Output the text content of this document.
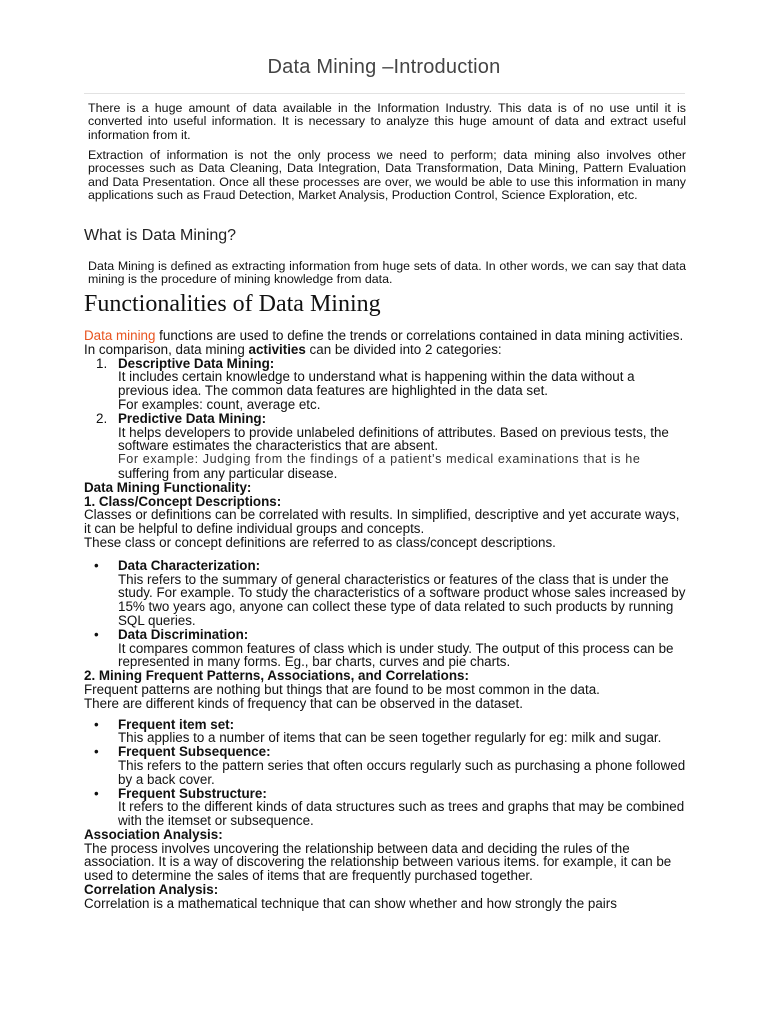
Data Mining –Introduction
There is a huge amount of data available in the Information Industry. This data is of no use until it is converted into useful information. It is necessary to analyze this huge amount of data and extract useful information from it.
Extraction of information is not the only process we need to perform; data mining also involves other processes such as Data Cleaning, Data Integration, Data Transformation, Data Mining, Pattern Evaluation and Data Presentation. Once all these processes are over, we would be able to use this information in many applications such as Fraud Detection, Market Analysis, Production Control, Science Exploration, etc.
What is Data Mining?
Data Mining is defined as extracting information from huge sets of data. In other words, we can say that data mining is the procedure of mining knowledge from data.
Functionalities of Data Mining

Data mining functions are used to define the trends or correlations contained in data mining activities.

In comparison, data mining activities can be divided into 2 categories:

1. Descriptive Data Mining:

It includes certain knowledge to understand what is happening within the data without a previous idea. The common data features are highlighted in the data set.

For examples: count, average etc.

2. Predictive Data Mining:

It helps developers to provide unlabeled definitions of attributes. Based on previous tests, the software estimates the characteristics that are absent.

For example: Judging from the findings of a patient's medical examinations that is he

suffering from any particular disease.

Data Mining Functionality:

1. Class/Concept Descriptions:

Classes or definitions can be correlated with results. In simplified, descriptive and yet accurate ways, it can be helpful to define individual groups and concepts.

These class or concept definitions are referred to as class/concept descriptions.

• Data Characterization:

This refers to the summary of general characteristics or features of the class that is under the study. For example. To study the characteristics of a software product whose sales increased by 15% two years ago, anyone can collect these type of data related to such products by running SQL queries.

• Data Discrimination:

It compares common features of class which is under study. The output of this process can be represented in many forms. Eg., bar charts, curves and pie charts.

2. Mining Frequent Patterns, Associations, and Correlations:

Frequent patterns are nothing but things that are found to be most common in the data.

There are different kinds of frequency that can be observed in the dataset.

• Frequent item set:

This applies to a number of items that can be seen together regularly for eg: milk and sugar.

• Frequent Subsequence:

This refers to the pattern series that often occurs regularly such as purchasing a phone followed by a back cover.

• Frequent Substructure:

It refers to the different kinds of data structures such as trees and graphs that may be combined with the itemset or subsequence.

Association Analysis:

The process involves uncovering the relationship between data and deciding the rules of the association. It is a way of discovering the relationship between various items. for example, it can be used to determine the sales of items that are frequently purchased together.

Correlation Analysis:

Correlation is a mathematical technique that can show whether and how strongly the pairs
